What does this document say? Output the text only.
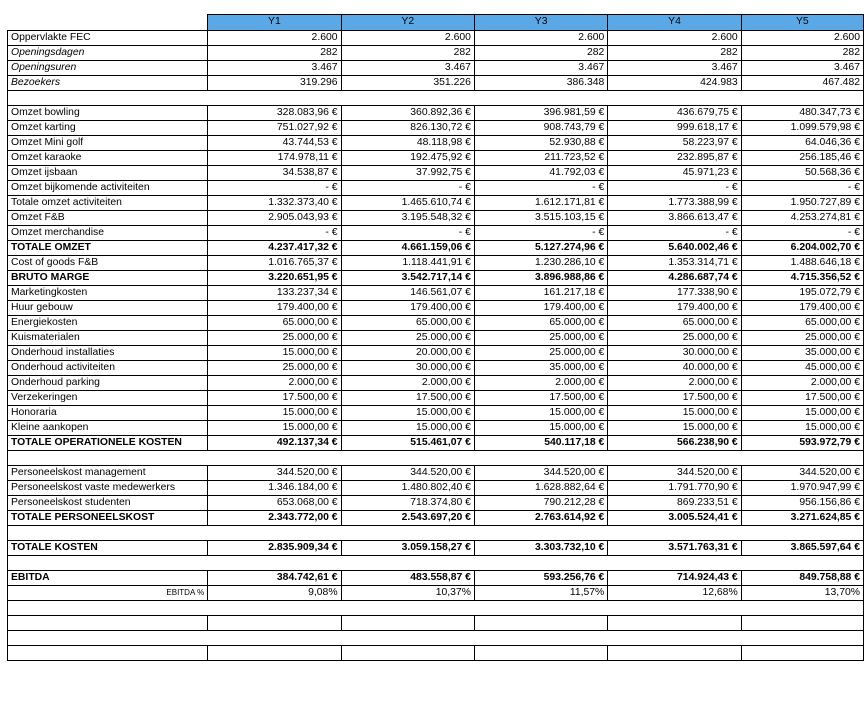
	Y1	Y2	Y3	Y4	Y5
Oppervlakte FEC	2.600	2.600	2.600	2.600	2.600
Openingsdagen	282	282	282	282	282
Openingsuren	3.467	3.467	3.467	3.467	3.467
Bezoekers	319.296	351.226	386.348	424.983	467.482

Omzet bowling	328.083,96 €	360.892,36 €	396.981,59 €	436.679,75 €	480.347,73 €
Omzet karting	751.027,92 €	826.130,72 €	908.743,79 €	999.618,17 €	1.099.579,98 €
Omzet Mini golf	43.744,53 €	48.118,98 €	52.930,88 €	58.223,97 €	64.046,36 €
Omzet karaoke	174.978,11 €	192.475,92 €	211.723,52 €	232.895,87 €	256.185,46 €
Omzet ijsbaan	34.538,87 €	37.992,75 €	41.792,03 €	45.971,23 €	50.568,36 €
Omzet bijkomende activiteiten	- €	- €	- €	- €	- €
Totale omzet activiteiten	1.332.373,40 €	1.465.610,74 €	1.612.171,81 €	1.773.388,99 €	1.950.727,89 €
Omzet F&B	2.905.043,93 €	3.195.548,32 €	3.515.103,15 €	3.866.613,47 €	4.253.274,81 €
Omzet merchandise	- €	- €	- €	- €	- €
TOTALE OMZET	4.237.417,32 €	4.661.159,06 €	5.127.274,96 €	5.640.002,46 €	6.204.002,70 €
Cost of goods F&B	1.016.765,37 €	1.118.441,91 €	1.230.286,10 €	1.353.314,71 €	1.488.646,18 €
BRUTO MARGE	3.220.651,95 €	3.542.717,14 €	3.896.988,86 €	4.286.687,74 €	4.715.356,52 €
Marketingkosten	133.237,34 €	146.561,07 €	161.217,18 €	177.338,90 €	195.072,79 €
Huur gebouw	179.400,00 €	179.400,00 €	179.400,00 €	179.400,00 €	179.400,00 €
Energiekosten	65.000,00 €	65.000,00 €	65.000,00 €	65.000,00 €	65.000,00 €
Kuismaterialen	25.000,00 €	25.000,00 €	25.000,00 €	25.000,00 €	25.000,00 €
Onderhoud installaties	15.000,00 €	20.000,00 €	25.000,00 €	30.000,00 €	35.000,00 €
Onderhoud activiteiten	25.000,00 €	30.000,00 €	35.000,00 €	40.000,00 €	45.000,00 €
Onderhoud parking	2.000,00 €	2.000,00 €	2.000,00 €	2.000,00 €	2.000,00 €
Verzekeringen	17.500,00 €	17.500,00 €	17.500,00 €	17.500,00 €	17.500,00 €
Honoraria	15.000,00 €	15.000,00 €	15.000,00 €	15.000,00 €	15.000,00 €
Kleine aankopen	15.000,00 €	15.000,00 €	15.000,00 €	15.000,00 €	15.000,00 €
TOTALE OPERATIONELE KOSTEN	492.137,34 €	515.461,07 €	540.117,18 €	566.238,90 €	593.972,79 €

Personeelskost management	344.520,00 €	344.520,00 €	344.520,00 €	344.520,00 €	344.520,00 €
Personeelskost vaste medewerkers	1.346.184,00 €	1.480.802,40 €	1.628.882,64 €	1.791.770,90 €	1.970.947,99 €
Personeelskost studenten	653.068,00 €	718.374,80 €	790.212,28 €	869.233,51 €	956.156,86 €
TOTALE PERSONEELSKOST	2.343.772,00 €	2.543.697,20 €	2.763.614,92 €	3.005.524,41 €	3.271.624,85 €

TOTALE KOSTEN	2.835.909,34 €	3.059.158,27 €	3.303.732,10 €	3.571.763,31 €	3.865.597,64 €

EBITDA	384.742,61 €	483.558,87 €	593.256,76 €	714.924,43 €	849.758,88 €
EBITDA %	9,08%	10,37%	11,57%	12,68%	13,70%
